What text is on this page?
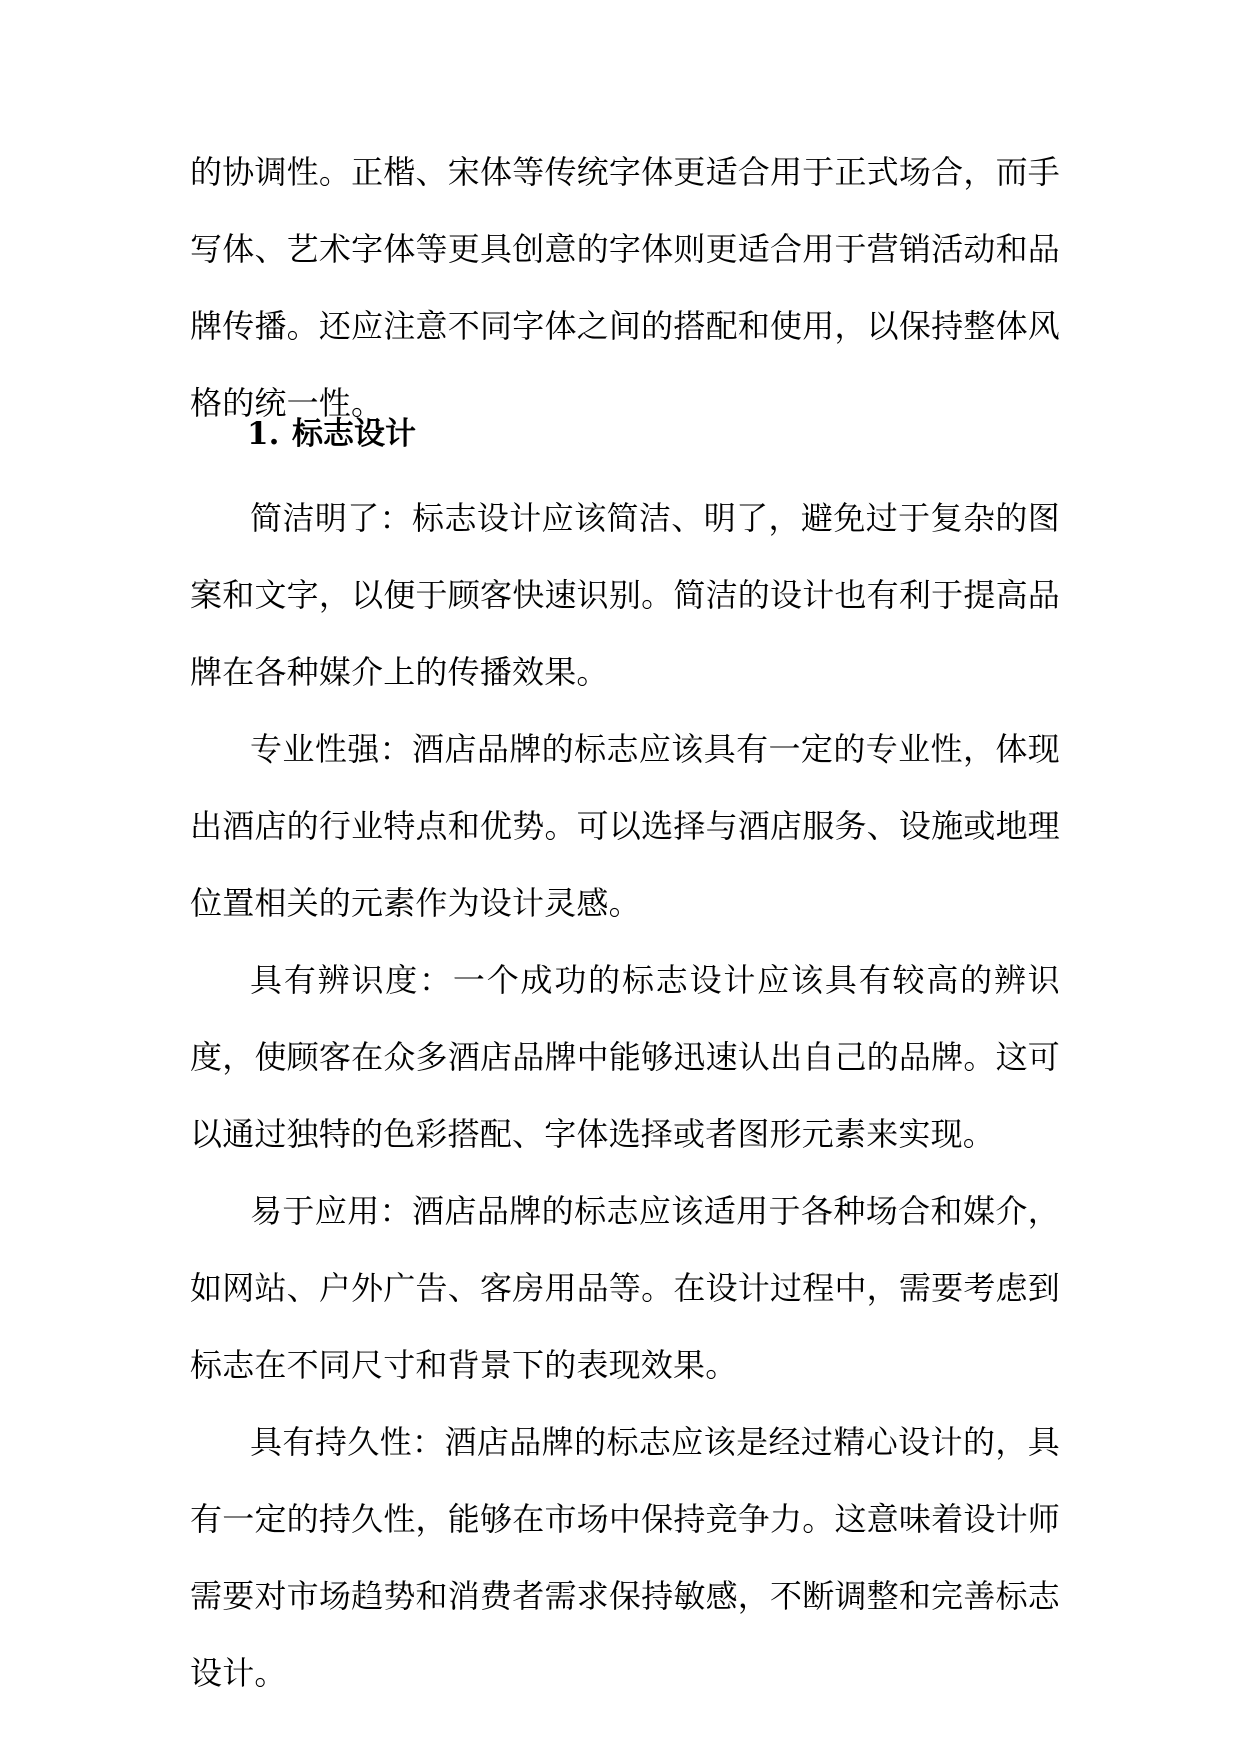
的协调性。正楷、宋体等传统字体更适合用于正式场合，而手写体、艺术字体等更具创意的字体则更适合用于营销活动和品牌传播。还应注意不同字体之间的搭配和使用，以保持整体风格的统一性。

1. 标志设计

简洁明了：标志设计应该简洁、明了，避免过于复杂的图案和文字，以便于顾客快速识别。简洁的设计也有利于提高品牌在各种媒介上的传播效果。

专业性强：酒店品牌的标志应该具有一定的专业性，体现出酒店的行业特点和优势。可以选择与酒店服务、设施或地理位置相关的元素作为设计灵感。

具有辨识度：一个成功的标志设计应该具有较高的辨识度，使顾客在众多酒店品牌中能够迅速认出自己的品牌。这可以通过独特的色彩搭配、字体选择或者图形元素来实现。

易于应用：酒店品牌的标志应该适用于各种场合和媒介，如网站、户外广告、客房用品等。在设计过程中，需要考虑到标志在不同尺寸和背景下的表现效果。

具有持久性：酒店品牌的标志应该是经过精心设计的，具有一定的持久性，能够在市场中保持竞争力。这意味着设计师需要对市场趋势和消费者需求保持敏感，不断调整和完善标志设计。
